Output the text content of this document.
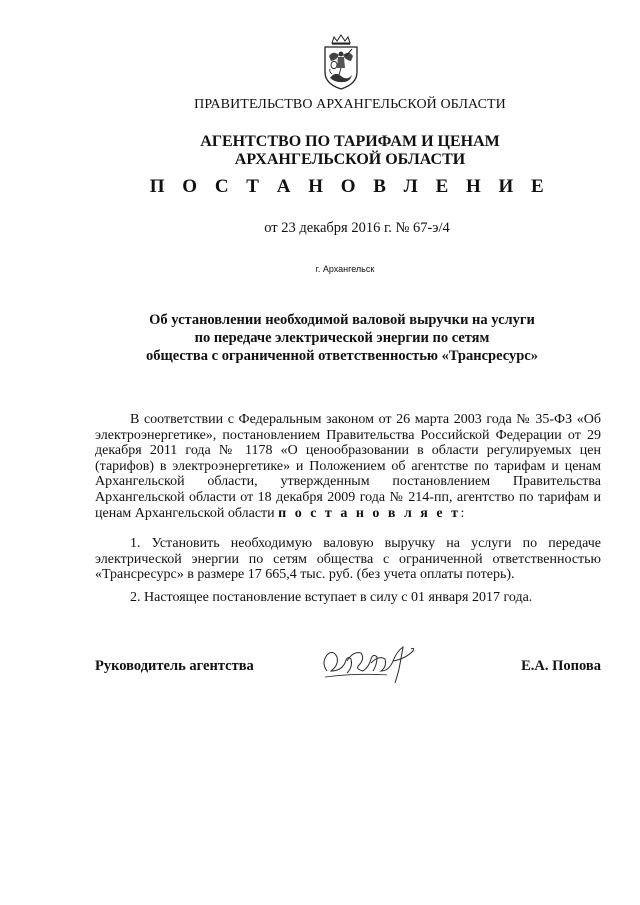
ПРАВИТЕЛЬСТВО АРХАНГЕЛЬСКОЙ ОБЛАСТИ
АГЕНТСТВО ПО ТАРИФАМ И ЦЕНАМ
АРХАНГЕЛЬСКОЙ ОБЛАСТИ
П О С Т А Н О В Л Е Н И Е
от 23 декабря 2016 г. № 67-э/4
г. Архангельск
Об установлении необходимой валовой выручки на услуги
по передаче электрической энергии по сетям
общества с ограниченной ответственностью «Трансресурс»

В соответствии с Федеральным законом от 26 марта 2003 года № 35-ФЗ «Об электроэнергетике», постановлением Правительства Российской Федерации от 29 декабря 2011 года № 1178 «О ценообразовании в области регулируемых цен (тарифов) в электроэнергетике» и Положением об агентстве по тарифам и ценам Архангельской области, утвержденным постановлением Правительства Архангельской области от 18 декабря 2009 года № 214-пп, агентство по тарифам и ценам Архангельской области п о с т а н о в л я е т:

1. Установить необходимую валовую выручку на услуги по передаче электрической энергии по сетям общества с ограниченной ответственностью «Трансресурс» в размере 17 665,4 тыс. руб. (без учета оплаты потерь).

2. Настоящее постановление вступает в силу с 01 января 2017 года.

Руководитель агентства	Е.А. Попова
